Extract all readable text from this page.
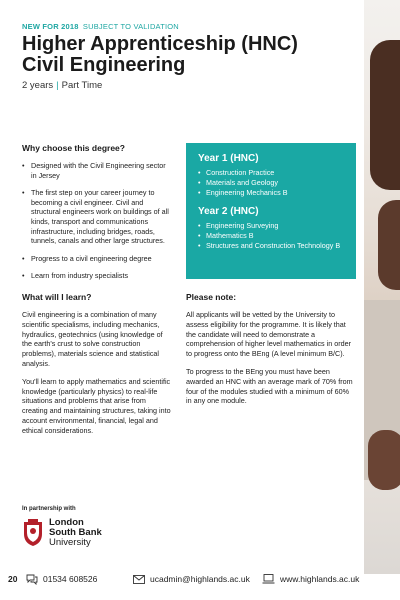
NEW FOR 2018 SUBJECT TO VALIDATION
Higher Apprenticeship (HNC)
Civil Engineering
2 years | Part Time
Why choose this degree?
• Designed with the Civil Engineering sector in Jersey
• The first step on your career journey to becoming a civil engineer. Civil and structural engineers work on buildings of all kinds, transport and communications infrastructure, including bridges, roads, tunnels, canals and other large structures.
• Progress to a civil engineering degree
• Learn from industry specialists
Year 1 (HNC)
• Construction Practice
• Materials and Geology
• Engineering Mechanics B
Year 2 (HNC)
• Engineering Surveying
• Mathematics B
• Structures and Construction Technology B
What will I learn?

Civil engineering is a combination of many scientific specialisms, including mechanics, hydraulics, geotechnics (using knowledge of the earth's crust to solve construction problems), materials science and statistical analysis.

You'll learn to apply mathematics and scientific knowledge (particularly physics) to real-life situations and problems that arise from creating and maintaining structures, taking into account environmental, financial, legal and ethical considerations.

Please note:

All applicants will be vetted by the University to assess eligibility for the programme. It is likely that the candidate will need to demonstrate a comprehension of higher level mathematics in order to progress onto the BEng (A level minimum B/C).

To progress to the BEng you must have been awarded an HNC with an average mark of 70% from four of the modules studied with a minimum of 60% in any one module.

In partnership with
London
South Bank
University
20	01534 608526	ucadmin@highlands.ac.uk	www.highlands.ac.uk
